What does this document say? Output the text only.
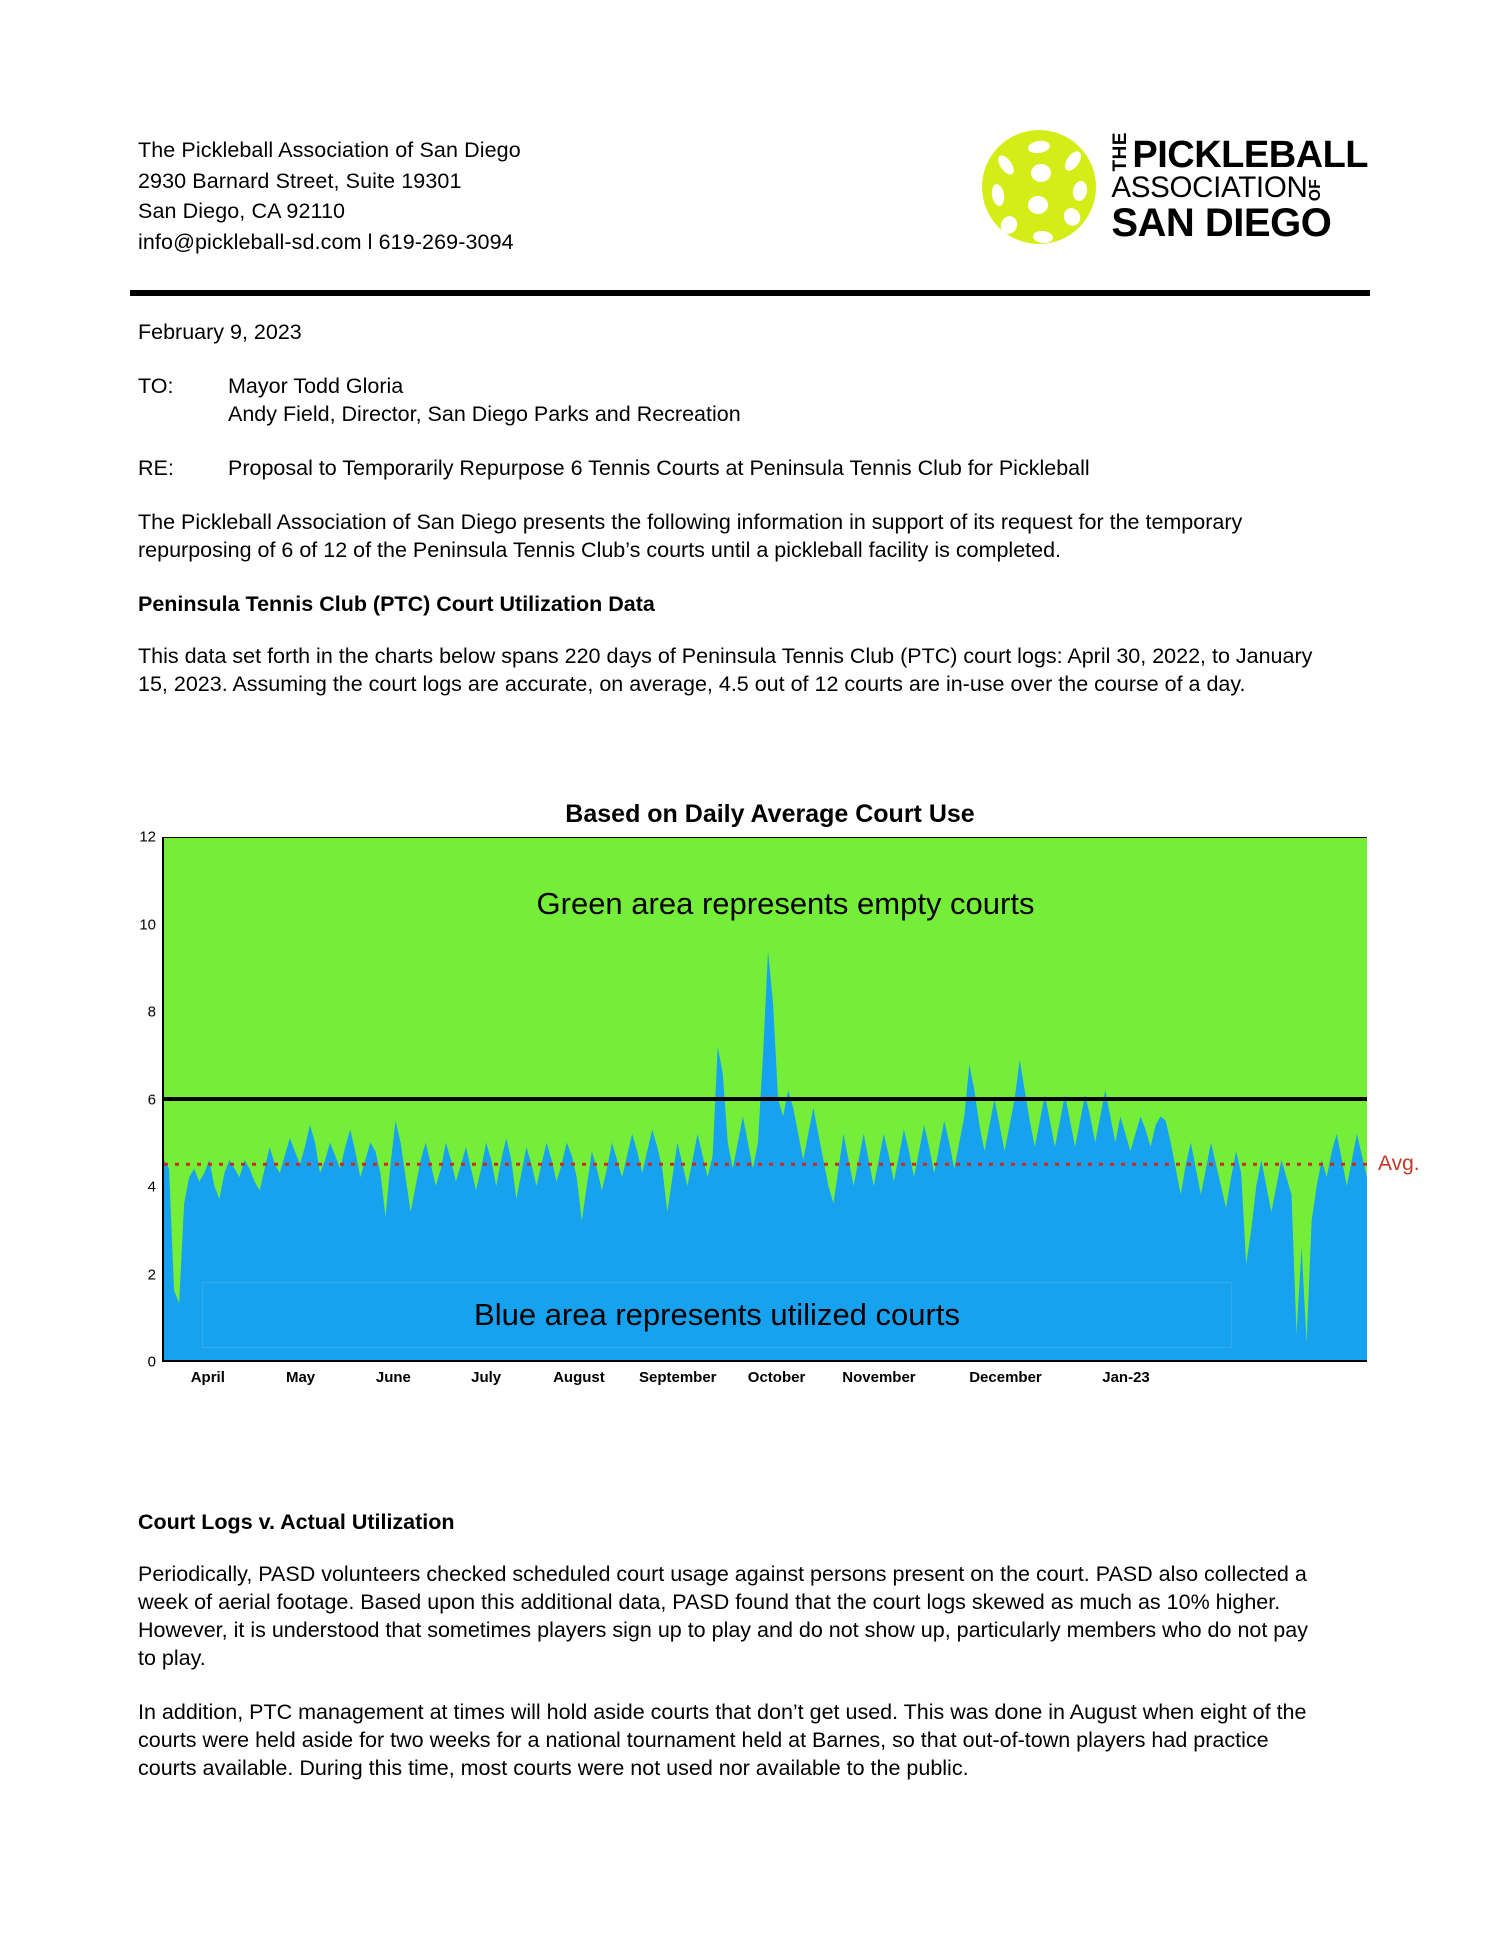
The Pickleball Association of San Diego
2930 Barnard Street, Suite 19301
San Diego, CA 92110
info@pickleball-sd.com l 619-269-3094
THE PICKLEBALL
ASSOCIATION OF
SAN DIEGO

February 9, 2023

TO:	Mayor Todd Gloria
Andy Field, Director, San Diego Parks and Recreation
RE:	Proposal to Temporarily Repurpose 6 Tennis Courts at Peninsula Tennis Club for Pickleball

The Pickleball Association of San Diego presents the following information in support of its request for the temporary repurposing of 6 of 12 of the Peninsula Tennis Club’s courts until a pickleball facility is completed.

Peninsula Tennis Club (PTC) Court Utilization Data

This data set forth in the charts below spans 220 days of Peninsula Tennis Club (PTC) court logs: April 30, 2022, to January 15, 2023. Assuming the court logs are accurate, on average, 4.5 out of 12 courts are in-use over the course of a day.

Based on Daily Average Court Use
0
2
4
6
8
10
12
Green area represents empty courts
Blue area represents utilized courts
Avg.
April	May	June	July	August September October November	December	Jan-23

Court Logs v. Actual Utilization

Periodically, PASD volunteers checked scheduled court usage against persons present on the court. PASD also collected a week of aerial footage. Based upon this additional data, PASD found that the court logs skewed as much as 10% higher. However, it is understood that sometimes players sign up to play and do not show up, particularly members who do not pay to play.

In addition, PTC management at times will hold aside courts that don’t get used. This was done in August when eight of the courts were held aside for two weeks for a national tournament held at Barnes, so that out-of-town players had practice courts available. During this time, most courts were not used nor available to the public.
